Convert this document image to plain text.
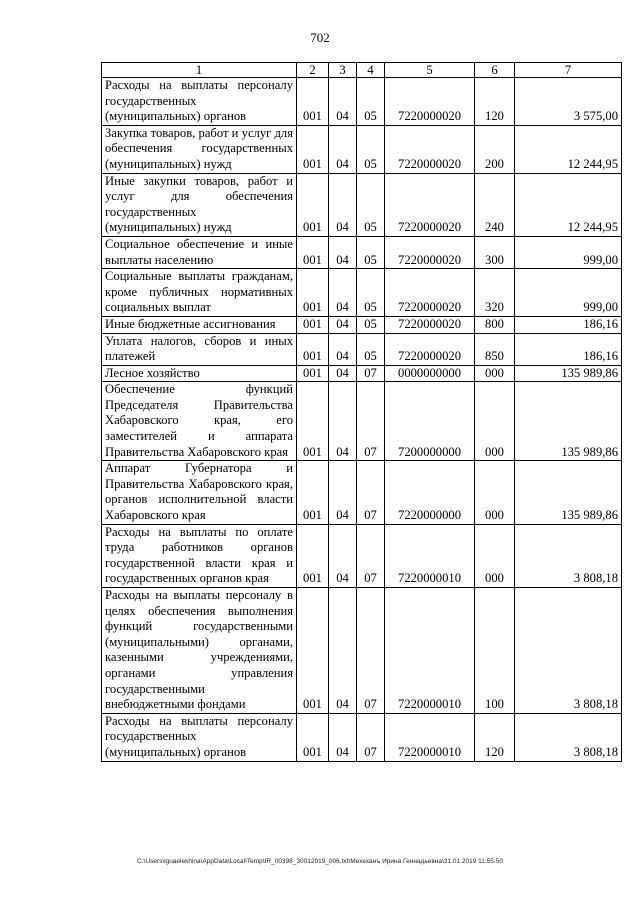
702
1	2	3	4	5	6	7
Расходы на выплаты персоналу государственных (муниципальных) органов	001	04	05	7220000020	120	3 575,00
Закупка товаров, работ и услуг для обеспечения государственных (муниципальных) нужд	001	04	05	7220000020	200	12 244,95
Иные закупки товаров, работ и услуг для обеспечения государственных (муниципальных) нужд	001	04	05	7220000020	240	12 244,95
Социальное обеспечение и иные выплаты населению	001	04	05	7220000020	300	999,00
Социальные выплаты гражданам, кроме публичных нормативных социальных выплат	001	04	05	7220000020	320	999,00
Иные бюджетные ассигнования	001	04	05	7220000020	800	186,16
Уплата налогов, сборов и иных платежей	001	04	05	7220000020	850	186,16
Лесное хозяйство	001	04	07	0000000000	000	135 989,86
Обеспечение функций Председателя Правительства Хабаровского края, его заместителей и аппарата Правительства Хабаровского края	001	04	07	7200000000	000	135 989,86
Аппарат Губернатора и Правительства Хабаровского края, органов исполнительной власти Хабаровского края	001	04	07	7220000000	000	135 989,86
Расходы на выплаты по оплате труда работников органов государственной власти края и государственных органов края	001	04	07	7220000010	000	3 808,18
Расходы на выплаты персоналу в целях обеспечения выполнения функций государственными (муниципальными) органами, казенными учреждениями, органами управления государственными внебюджетными фондами	001	04	07	7220000010	100	3 808,18
Расходы на выплаты персоналу государственных (муниципальных) органов	001	04	07	7220000010	120	3 808,18
C:\Users\iguaelekhina\AppData\Local\Temp\IR_00398_30012019_006.txt\Мехеханъ Ирина Геннадьевна\31.01.2019 11:55:50
